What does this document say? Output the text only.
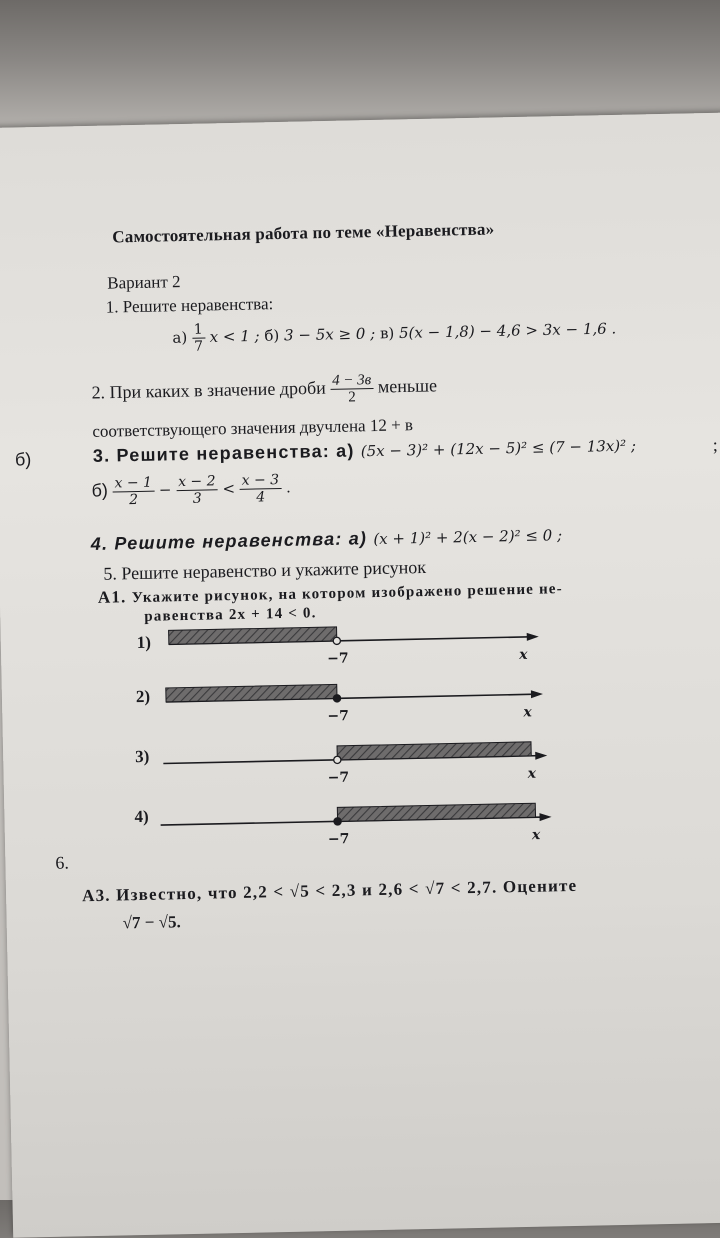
Самостоятельная работа по теме «Неравенства»
Вариант 2
1. Решите неравенства:
$а) \frac{1}{7}$ x < 1 ; б) 3 − 5x ≥ 0 ; в) 5(x − 1,8) − 4,6 > 3x − 1,6 .
2. При каких в значение дроби $\frac{4 - 3в}{2}$ меньше
соответствующего значения двучлена 12 + в
б)	3. Решите неравенства: а) (5x − 3)² + (12x − 5)² ≤ (7 − 13x)² ;
$б) \frac{x - 1}{2} - \frac{x - 2}{3} < \frac{x - 3}{4}$ .
4. Решите неравенства: а) (x + 1)² + 2(x − 2)² ≤ 0 ;
5. Решите неравенство и укажите рисунок
А1. Укажите рисунок, на котором изображено решение не-
равенства 2x + 14 < 0.
1)
2)
3)
4)
−7	x
−7	x
−7	x
−7	x
6.
А3. Известно, что 2,2 < √5 < 2,3 и 2,6 < √7 < 2,7. Оцените
√7 − √5.
;
